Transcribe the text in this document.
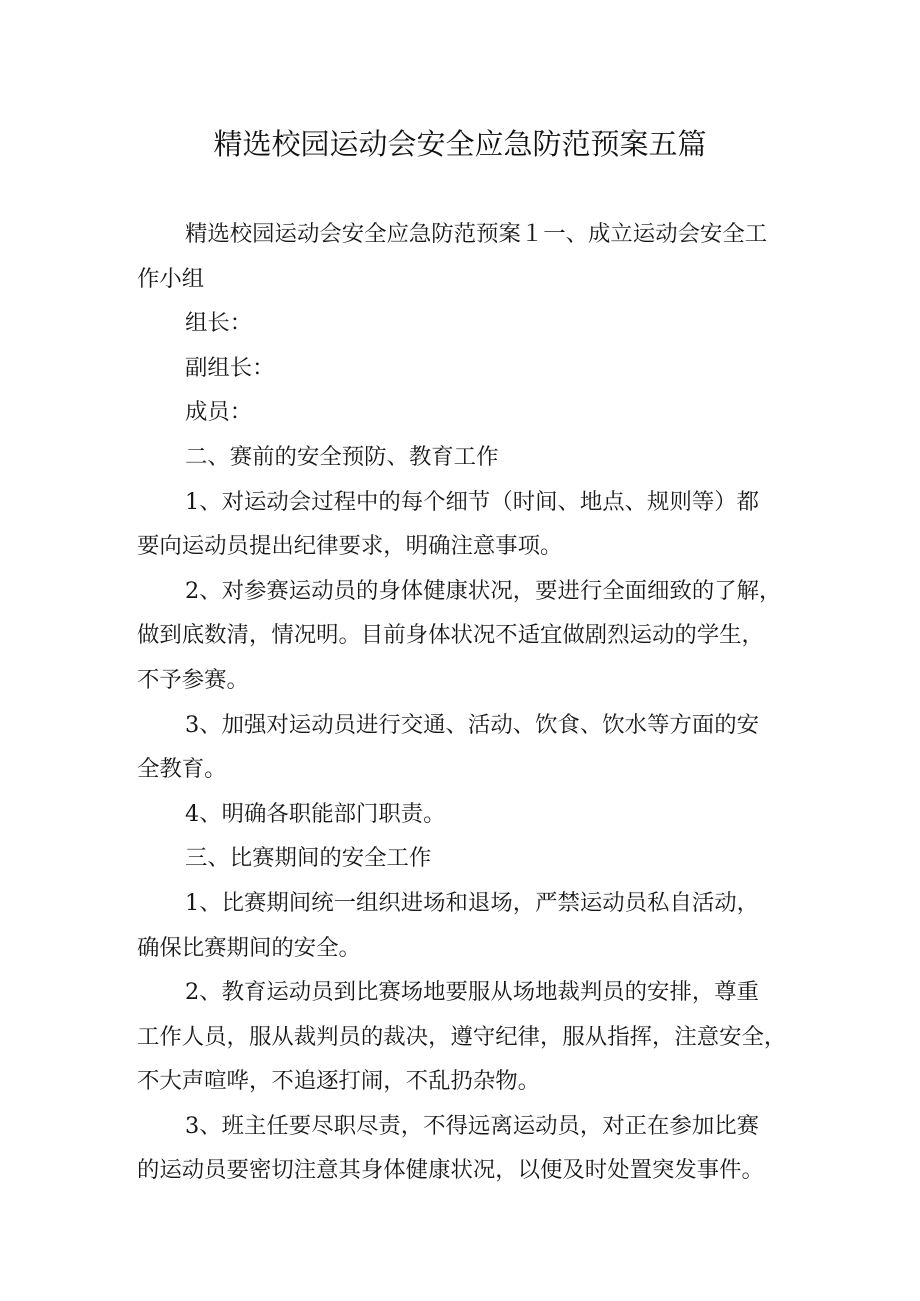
精选校园运动会安全应急防范预案五篇

精选校园运动会安全应急防范预案１一、成立运动会安全工
作小组

组长：

副组长：

成员：

二、赛前的安全预防、教育工作

1、对运动会过程中的每个细节（时间、地点、规则等）都
要向运动员提出纪律要求，明确注意事项。

2、对参赛运动员的身体健康状况，要进行全面细致的了解，
做到底数清，情况明。目前身体状况不适宜做剧烈运动的学生，
不予参赛。

3、加强对运动员进行交通、活动、饮食、饮水等方面的安
全教育。

4、明确各职能部门职责。

三、比赛期间的安全工作

1、比赛期间统一组织进场和退场，严禁运动员私自活动，
确保比赛期间的安全。

2、教育运动员到比赛场地要服从场地裁判员的安排，尊重
工作人员，服从裁判员的裁决，遵守纪律，服从指挥，注意安全，
不大声喧哗，不追逐打闹，不乱扔杂物。

3、班主任要尽职尽责，不得远离运动员，对正在参加比赛
的运动员要密切注意其身体健康状况，以便及时处置突发事件。
